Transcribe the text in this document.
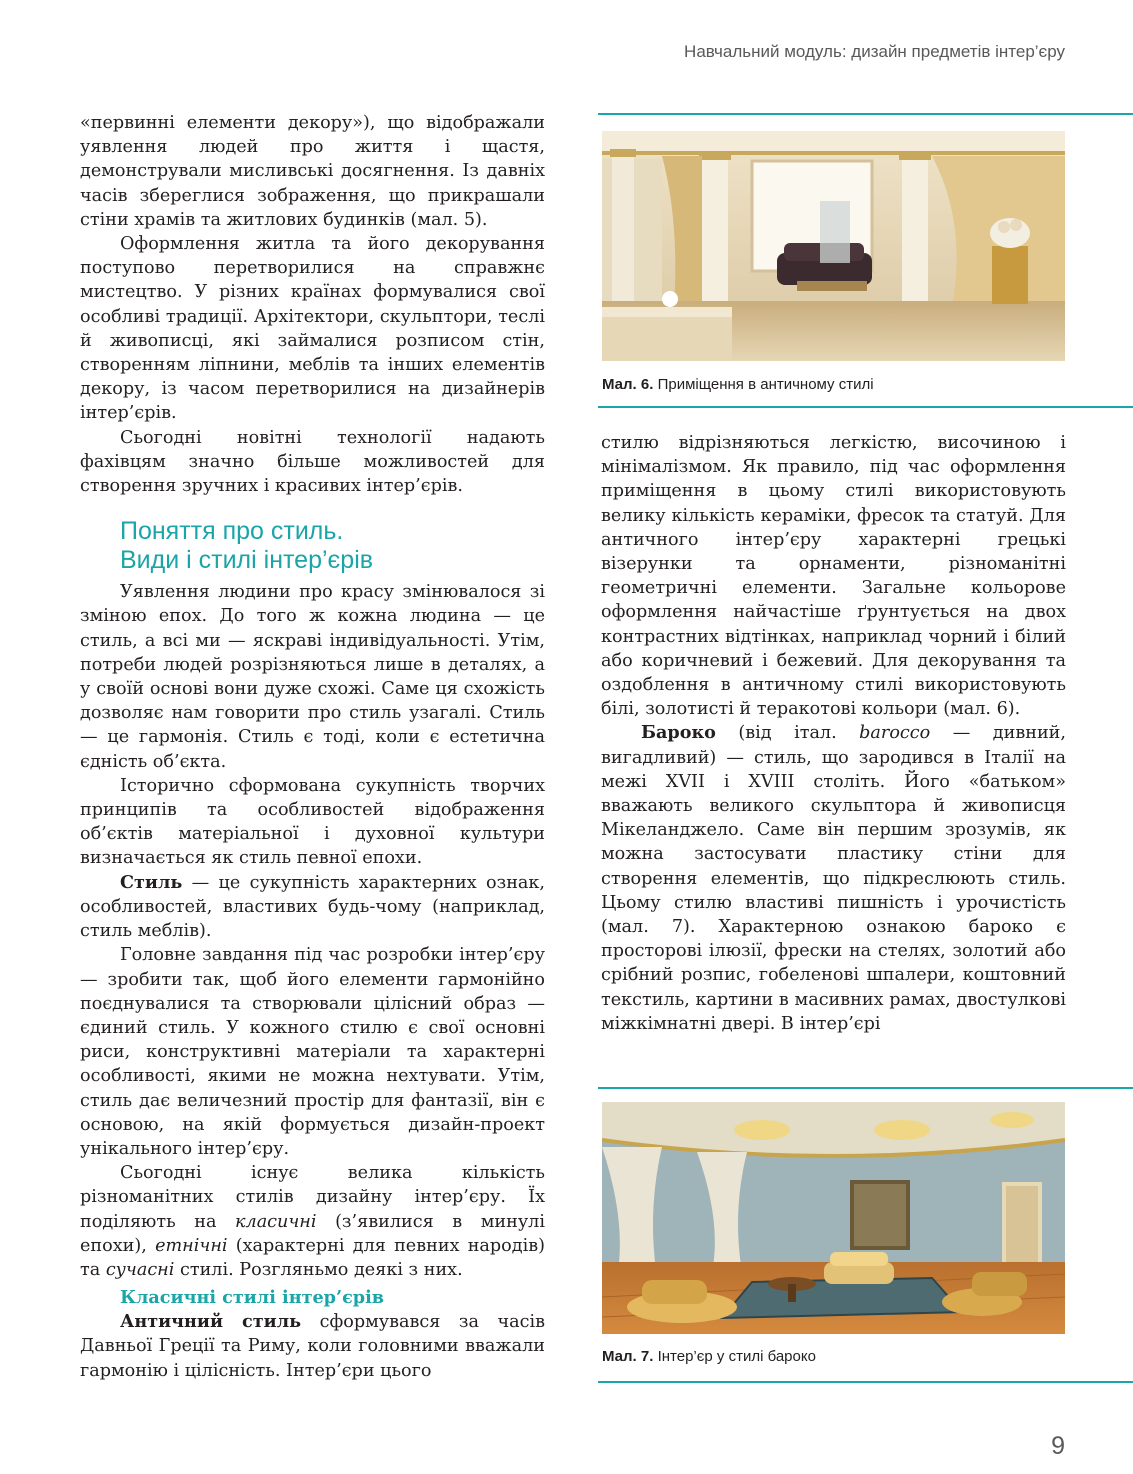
Навчальний модуль: дизайн предметів інтер’єру

«первинні елементи декору»), що відображали уявлення людей про життя і щастя, демонстрували мисливські досягнення. Із давніх часів збереглися зображення, що прикрашали стіни храмів та житлових будинків (мал. 5).

Оформлення житла та його декорування поступово перетворилися на справжнє мистецтво. У різних країнах формувалися свої особливі традиції. Архітектори, скульптори, теслі й живописці, які займалися розписом стін, створенням ліпнини, меблів та інших елементів декору, із часом перетворилися на дизайнерів інтер’єрів.

Сьогодні новітні технології надають фахівцям значно більше можливостей для створення зручних і красивих інтер’єрів.

Поняття про стиль.
Види і стилі інтер’єрів

Уявлення людини про красу змінювалося зі зміною епох. До того ж кожна людина — це стиль, а всі ми — яскраві індивідуальності. Утім, потреби людей розрізняються лише в деталях, а у своїй основі вони дуже схожі. Саме ця схожість дозволяє нам говорити про стиль узагалі. Стиль — це гармонія. Стиль є тоді, коли є естетична єдність об’єкта.

Історично сформована сукупність творчих принципів та особливостей відображення об’єктів матеріальної і духовної культури визначається як стиль певної епохи.

Стиль — це сукупність характерних ознак, особливостей, властивих будь-чому (наприклад, стиль меблів).

Головне завдання під час розробки інтер’єру — зробити так, щоб його елементи гармонійно поєднувалися та створювали цілісний образ — єдиний стиль. У кожного стилю є свої основні риси, конструктивні матеріали та характерні особливості, якими не можна нехтувати. Утім, стиль дає величезний простір для фантазії, він є основою, на якій формується дизайн-проект унікального інтер’єру.

Сьогодні існує велика кількість різноманітних стилів дизайну інтер’єру. Їх поділяють на класичні (з’явилися в минулі епохи), етнічні (характерні для певних народів) та сучасні стилі. Розгляньмо деякі з них.

Класичні стилі інтер’єрів

Античний стиль сформувався за часів Давньої Греції та Риму, коли головними вважали гармонію і цілісність. Інтер’єри цього

Мал. 6. Приміщення в античному стилі

стилю відрізняються легкістю, височиною і мінімалізмом. Як правило, під час оформлення приміщення в цьому стилі використовують велику кількість кераміки, фресок та статуй. Для античного інтер’єру характерні грецькі візерунки та орнаменти, різноманітні геометричні елементи. Загальне кольорове оформлення найчастіше ґрунтується на двох контрастних відтінках, наприклад чорний і білий або коричневий і бежевий. Для декорування та оздоблення в античному стилі використовують білі, золотисті й теракотові кольори (мал. 6).

Бароко (від італ. barocco — дивний, вигадливий) — стиль, що зародився в Італії на межі XVII і XVIII століть. Його «батьком» вважають великого скульптора й живописця Мікеланджело. Саме він першим зрозумів, як можна застосувати пластику стіни для створення елементів, що підкреслюють стиль. Цьому стилю властиві пишність і урочистість (мал. 7). Характерною ознакою бароко є просторові ілюзії, фрески на стелях, золотий або срібний розпис, гобеленові шпалери, коштовний текстиль, картини в масивних рамах, двостулкові міжкімнатні двері. В інтер’єрі

Мал. 7. Інтер’єр у стилі бароко
9
